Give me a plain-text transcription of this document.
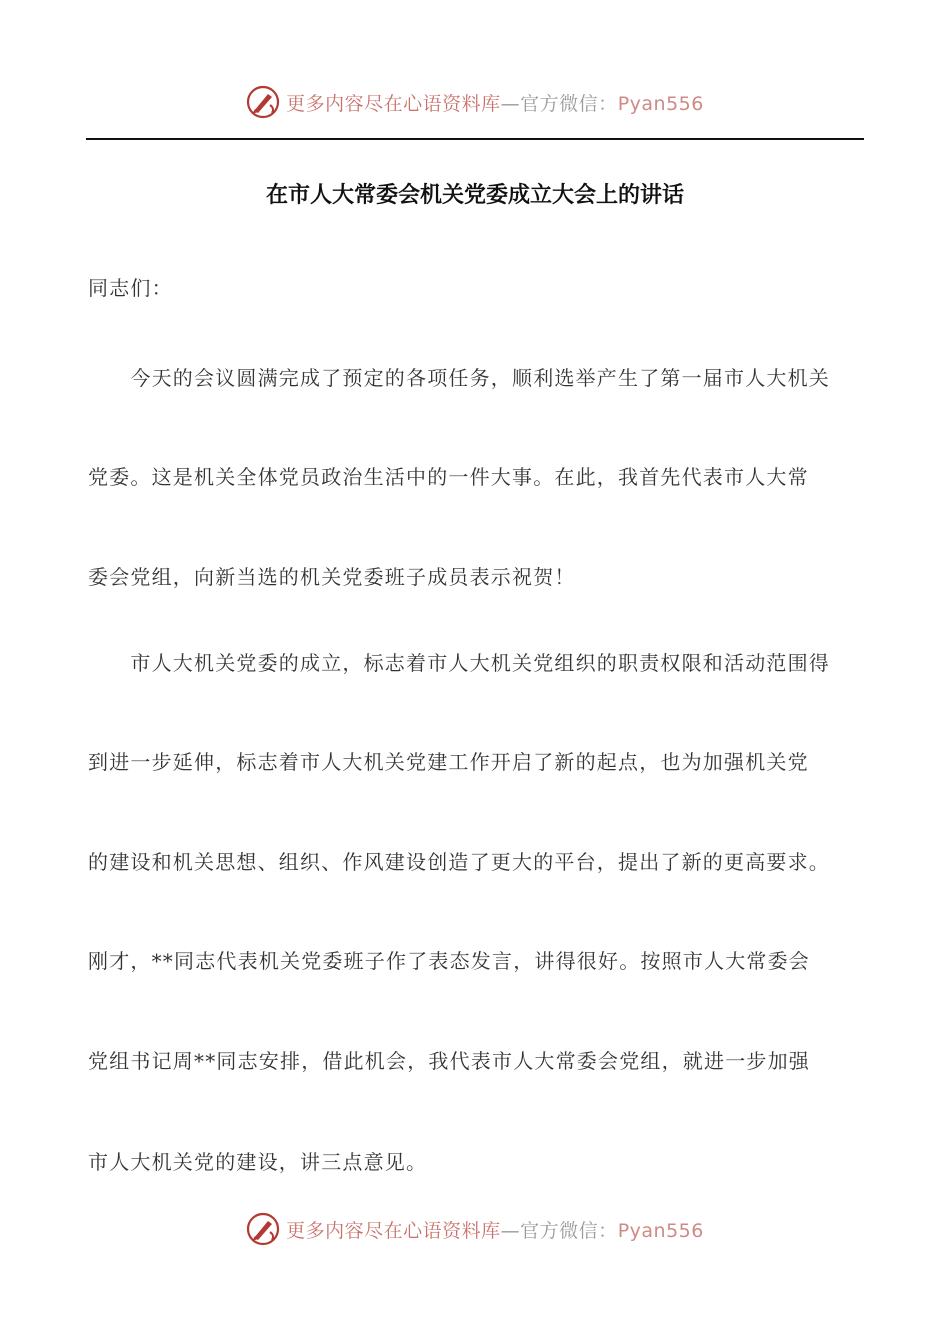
更多内容尽在心语资料库—官方微信：Pyan556
在市人大常委会机关党委成立大会上的讲话
同志们：
　　今天的会议圆满完成了预定的各项任务，顺利选举产生了第一届市人大机关
党委。这是机关全体党员政治生活中的一件大事。在此，我首先代表市人大常
委会党组，向新当选的机关党委班子成员表示祝贺！
　　市人大机关党委的成立，标志着市人大机关党组织的职责权限和活动范围得
到进一步延伸，标志着市人大机关党建工作开启了新的起点，也为加强机关党
的建设和机关思想、组织、作风建设创造了更大的平台，提出了新的更高要求。
刚才，**同志代表机关党委班子作了表态发言，讲得很好。按照市人大常委会
党组书记周**同志安排，借此机会，我代表市人大常委会党组，就进一步加强
市人大机关党的建设，讲三点意见。
更多内容尽在心语资料库—官方微信：Pyan556
